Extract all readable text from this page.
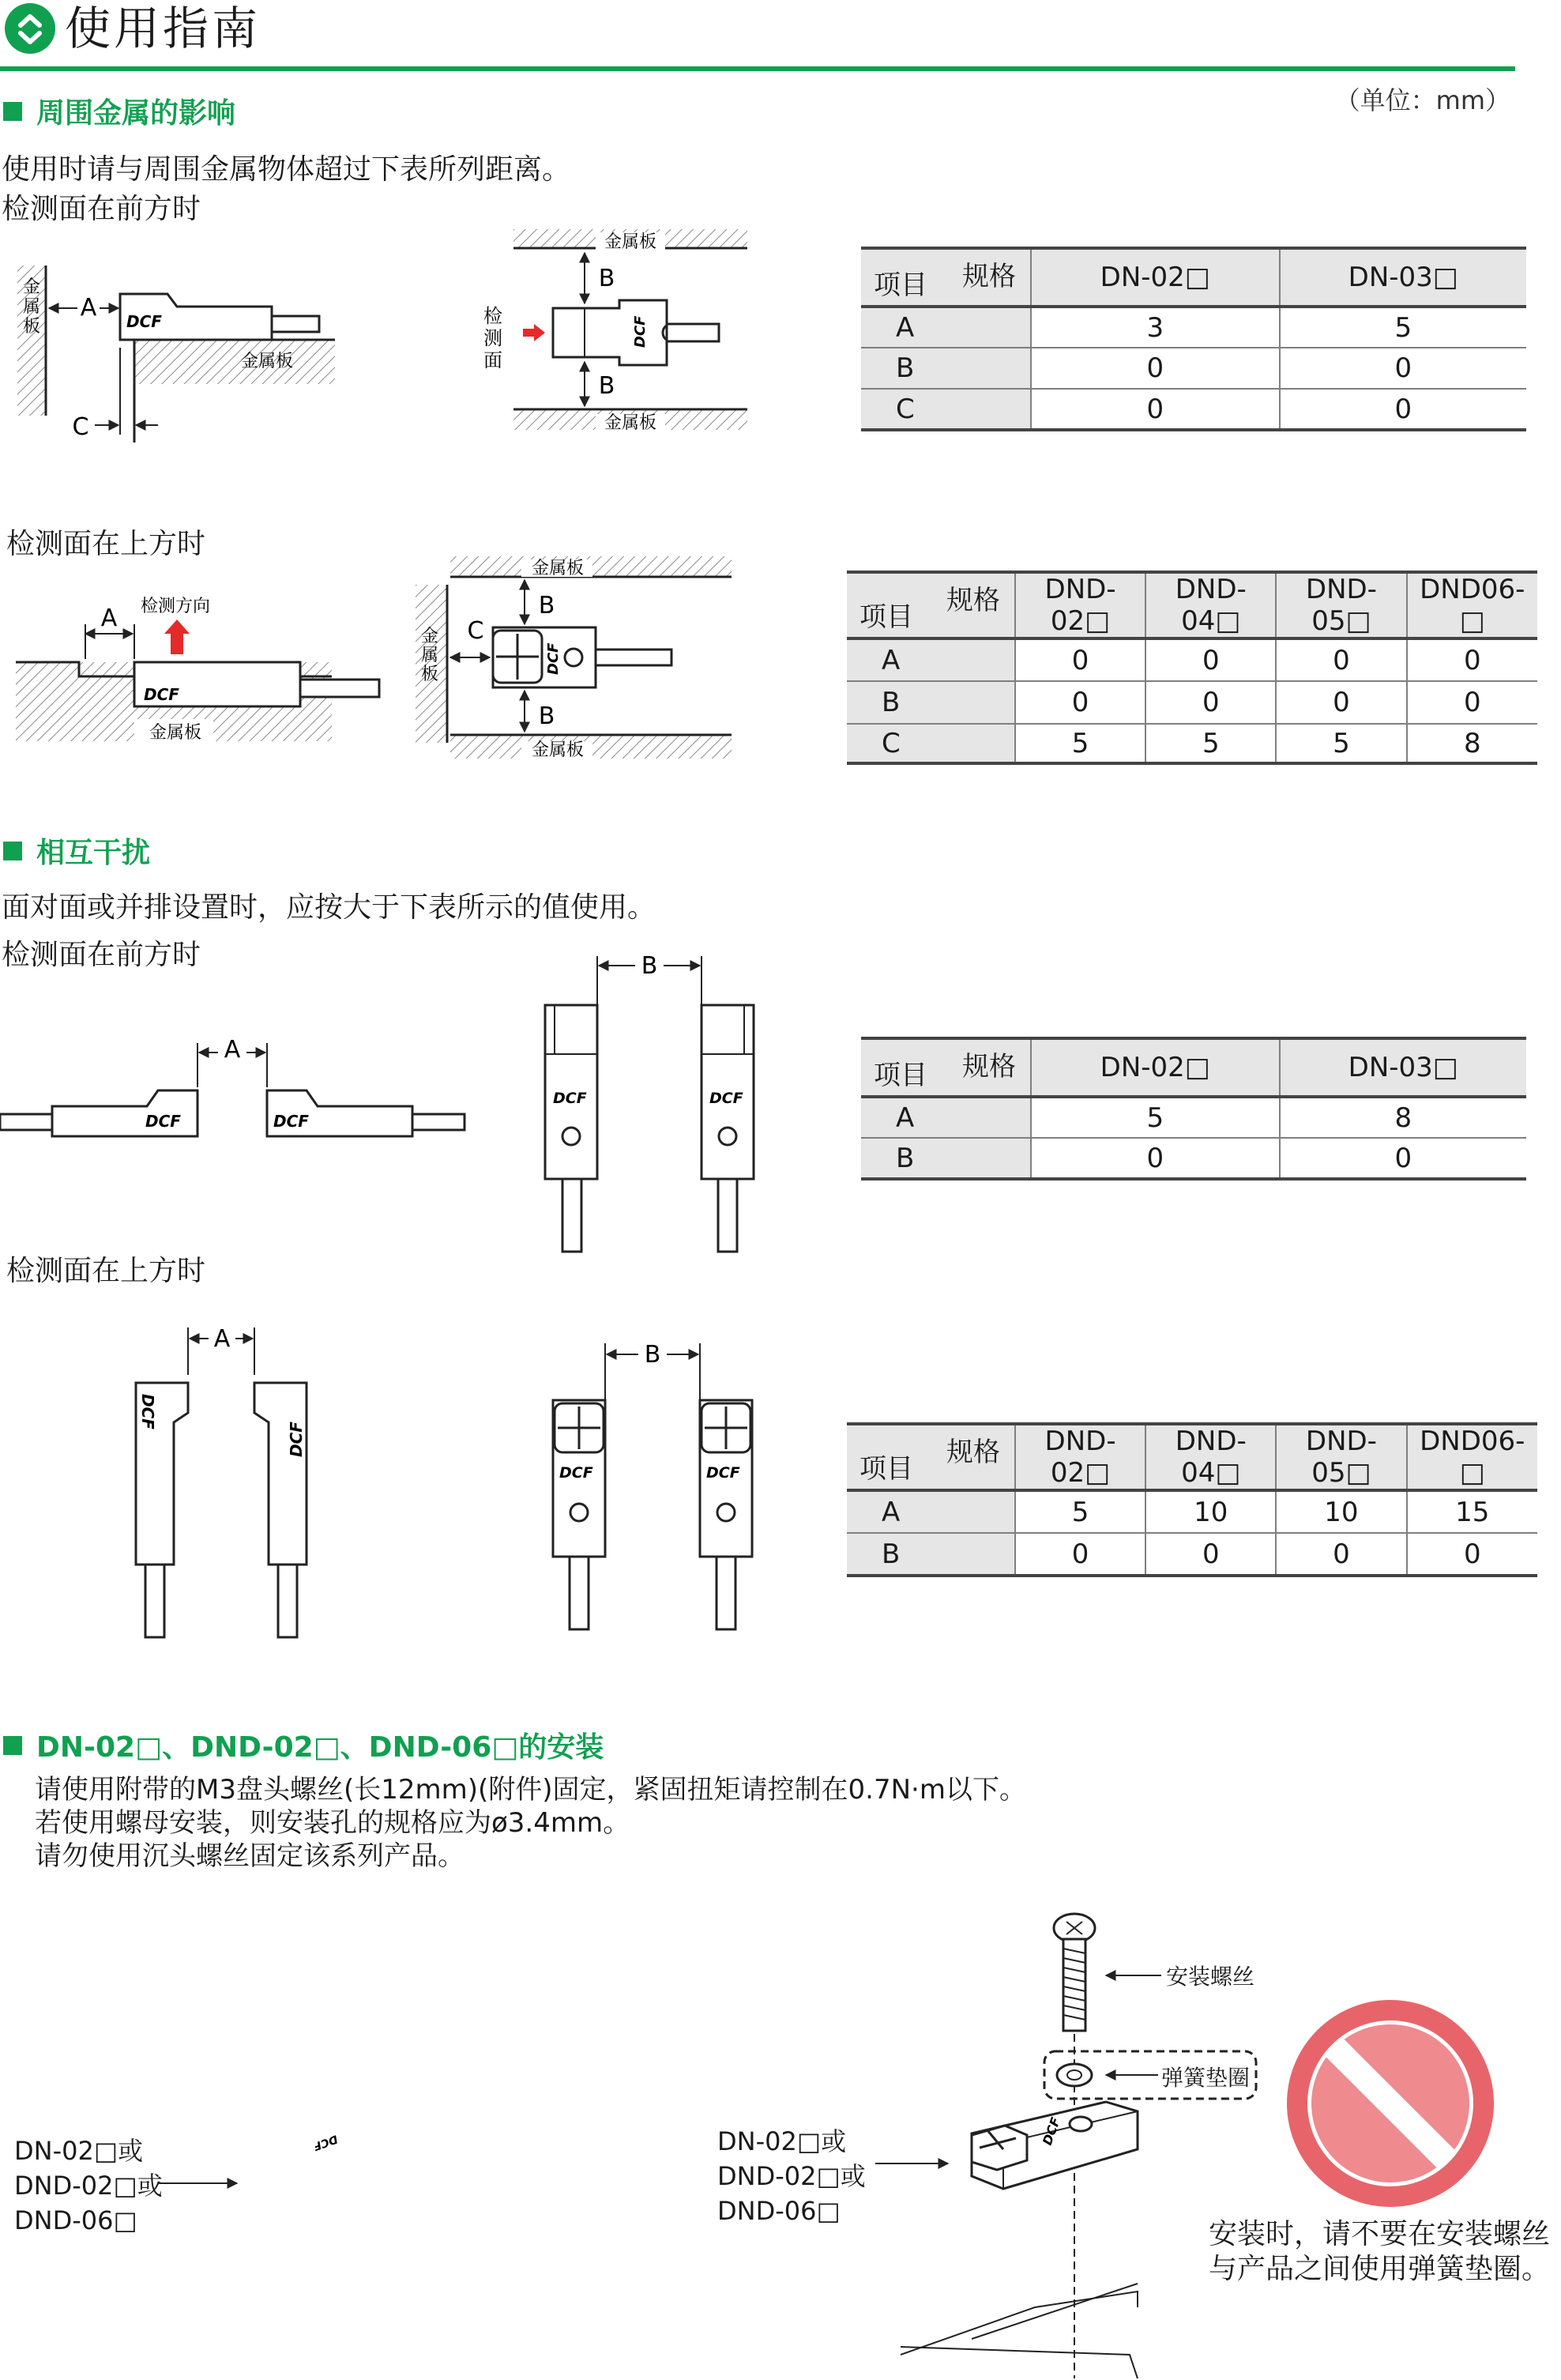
使用指南
（单位：mm）
周围金属的影响
使用时请与周围金属物体超过下表所列距离。
检测面在前方时
金
属
板
金属板
DCF
A
C
金属板
金属板
DCF
B
B
检
测
面
规格
项目	DN-02□	DN-03□
A	3	5
B	0	0
C	0	0
检测面在上方时
金属板
DCF
A 检测方向
金
属
板
金属板
金属板
DCF
C
B
B
规格
项目	DND-02□	DND-04□	DND-05□	DND06-□
A	0	0	0	0
B	0	0	0	0
C	5	5	5	8
相互干扰
面对面或并排设置时，应按大于下表所示的值使用。
检测面在前方时
DCF	DCF
A
B
DCF	DCF
规格
项目	DN-02□	DN-03□
A	5	8
B	0	0
检测面在上方时
A
DCF
DCF
B
DCF	DCF
规格
项目	DND-02□	DND-04□	DND-05□	DND06-□
A	5	10	10	15
B	0	0	0	0
DN-02□、DND-02□、DND-06□的安装
请使用附带的M3盘头螺丝(长12mm)(附件)固定，紧固扭矩请控制在0.7N·m以下。
若使用螺母安装，则安装孔的规格应为ø3.4mm。
请勿使用沉头螺丝固定该系列产品。
DN-02□或
DND-02□或
DND-06□
DCF	DN-02□或
DND-02□或
DND-06□
DCF
安装螺丝
弹簧垫圈
安装时，请不要在安装螺丝
与产品之间使用弹簧垫圈。
